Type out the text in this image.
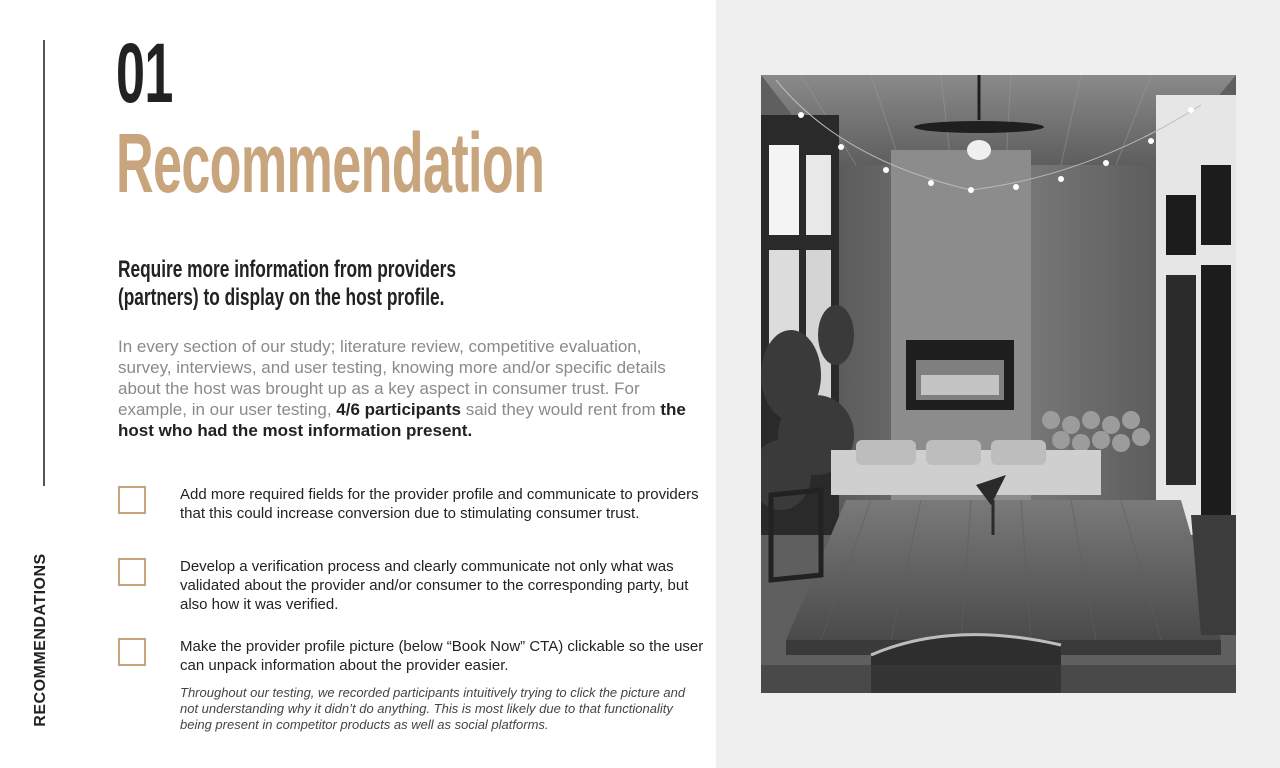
RECOMMENDATIONS
01
Recommendation
Require more information from providers
(partners) to display on the host profile.
In every section of our study; literature review, competitive evaluation, survey, interviews, and user testing, knowing more and/or specific details about the host was brought up as a key aspect in consumer trust. For example, in our user testing, 4/6 participants said they would rent from the host who had the most information present.
Add more required fields for the provider profile and communicate to providers that this could increase conversion due to stimulating consumer trust.
Develop a verification process and clearly communicate not only what was validated about the provider and/or consumer to the corresponding party, but also how it was verified.
Make the provider profile picture (below “Book Now” CTA) clickable so the user can unpack information about the provider easier.
Throughout our testing, we recorded participants intuitively trying to click the picture and not understanding why it didn’t do anything. This is most likely due to that functionality being present in competitor products as well as social platforms.
